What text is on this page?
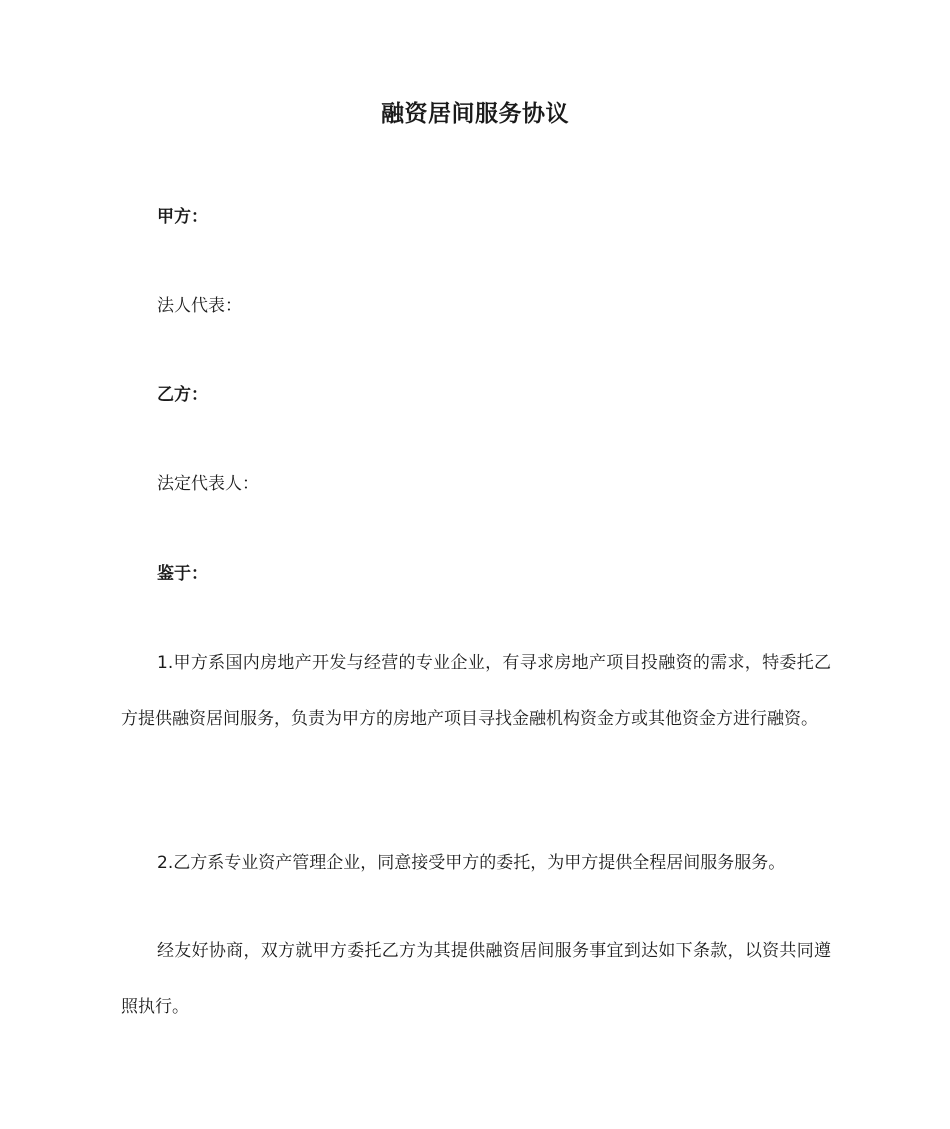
融资居间服务协议
甲方：
法人代表：
乙方：
法定代表人：
鉴于：
1.甲方系国内房地产开发与经营的专业企业，有寻求房地产项目投融资的需求，特委托乙方提供融资居间服务，负责为甲方的房地产项目寻找金融机构资金方或其他资金方进行融资。
2.乙方系专业资产管理企业，同意接受甲方的委托，为甲方提供全程居间服务服务。
经友好协商，双方就甲方委托乙方为其提供融资居间服务事宜到达如下条款，以资共同遵照执行。
